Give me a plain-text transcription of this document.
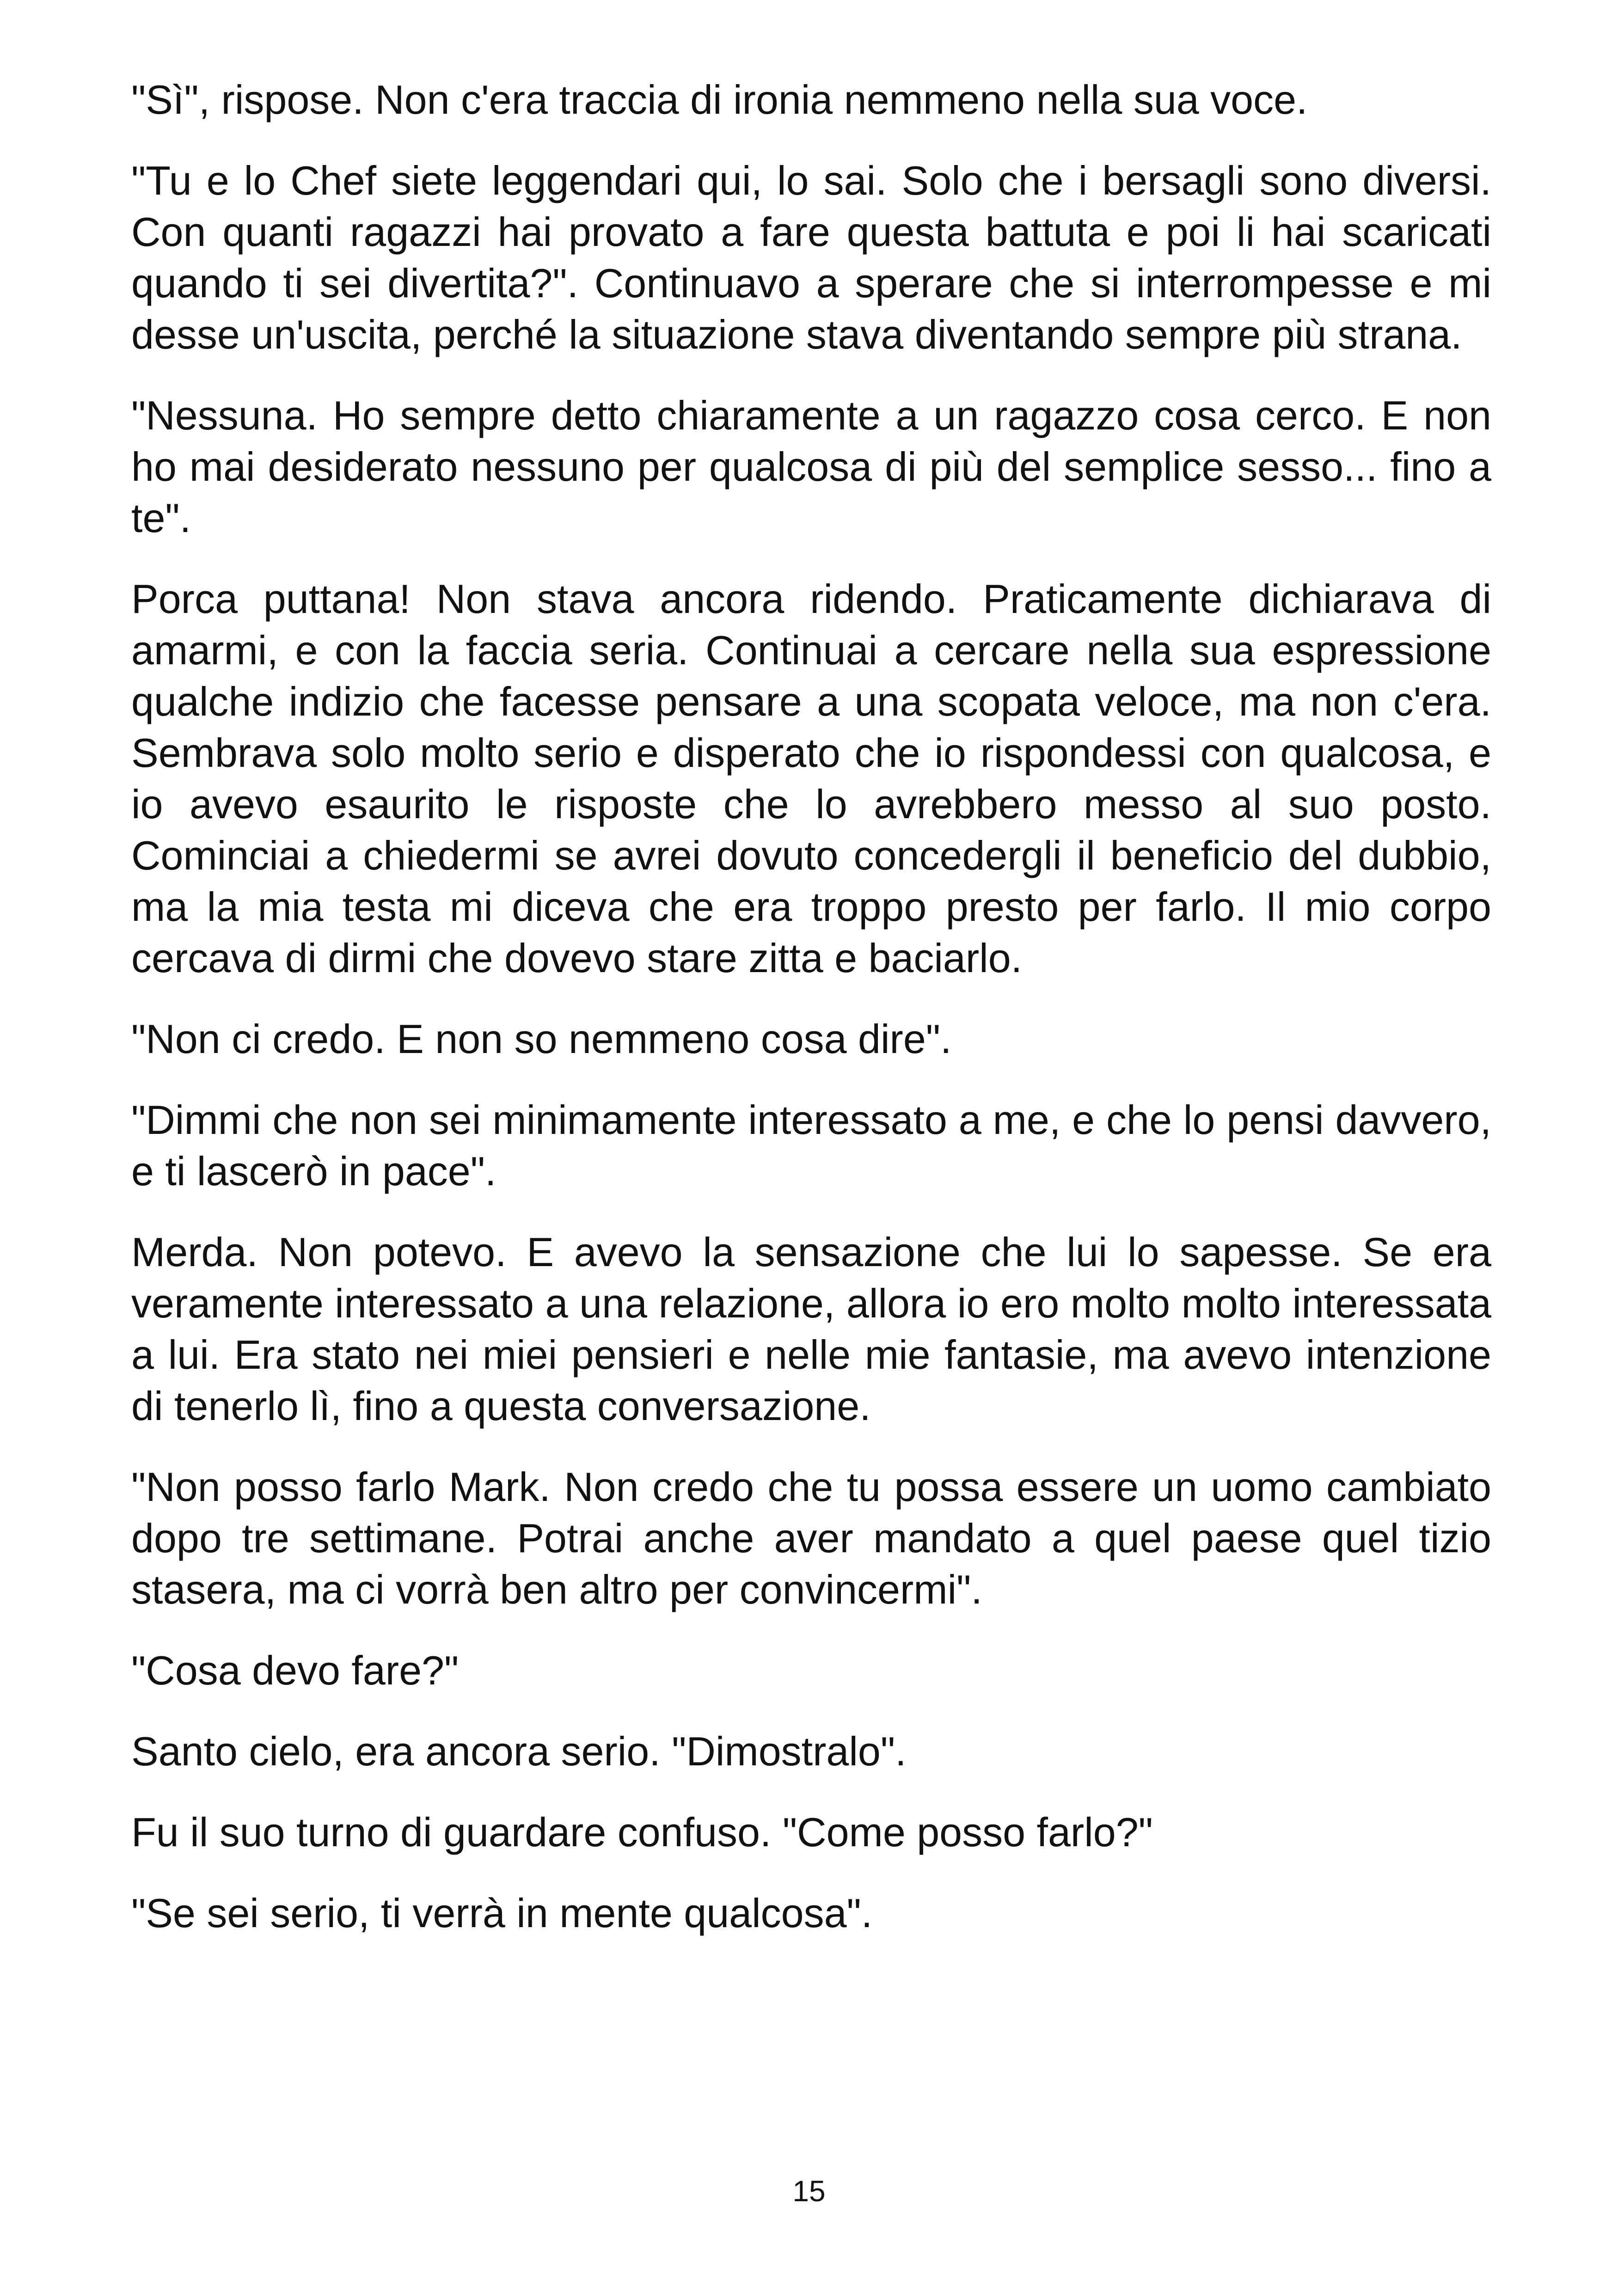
"Sì", rispose. Non c'era traccia di ironia nemmeno nella sua voce.

"Tu e lo Chef siete leggendari qui, lo sai. Solo che i bersagli sono diversi. Con quanti ragazzi hai provato a fare questa battuta e poi li hai scaricati quando ti sei divertita?". Continuavo a sperare che si interrompesse e mi desse un'uscita, perché la situazione stava diventando sempre più strana.

"Nessuna. Ho sempre detto chiaramente a un ragazzo cosa cerco. E non ho mai desiderato nessuno per qualcosa di più del semplice sesso... fino a te".

Porca puttana! Non stava ancora ridendo. Praticamente dichiarava di amarmi, e con la faccia seria. Continuai a cercare nella sua espressione qualche indizio che facesse pensare a una scopata veloce, ma non c'era. Sembrava solo molto serio e disperato che io rispondessi con qualcosa, e io avevo esaurito le risposte che lo avrebbero messo al suo posto. Cominciai a chiedermi se avrei dovuto concedergli il beneficio del dubbio, ma la mia testa mi diceva che era troppo presto per farlo. Il mio corpo cercava di dirmi che dovevo stare zitta e baciarlo.

"Non ci credo. E non so nemmeno cosa dire".

"Dimmi che non sei minimamente interessato a me, e che lo pensi davvero, e ti lascerò in pace".

Merda. Non potevo. E avevo la sensazione che lui lo sapesse. Se era veramente interessato a una relazione, allora io ero molto molto interessata a lui. Era stato nei miei pensieri e nelle mie fantasie, ma avevo intenzione di tenerlo lì, fino a questa conversazione.

"Non posso farlo Mark. Non credo che tu possa essere un uomo cambiato dopo tre settimane. Potrai anche aver mandato a quel paese quel tizio stasera, ma ci vorrà ben altro per convincermi".

"Cosa devo fare?"

Santo cielo, era ancora serio. "Dimostralo".

Fu il suo turno di guardare confuso. "Come posso farlo?"

"Se sei serio, ti verrà in mente qualcosa".

15
